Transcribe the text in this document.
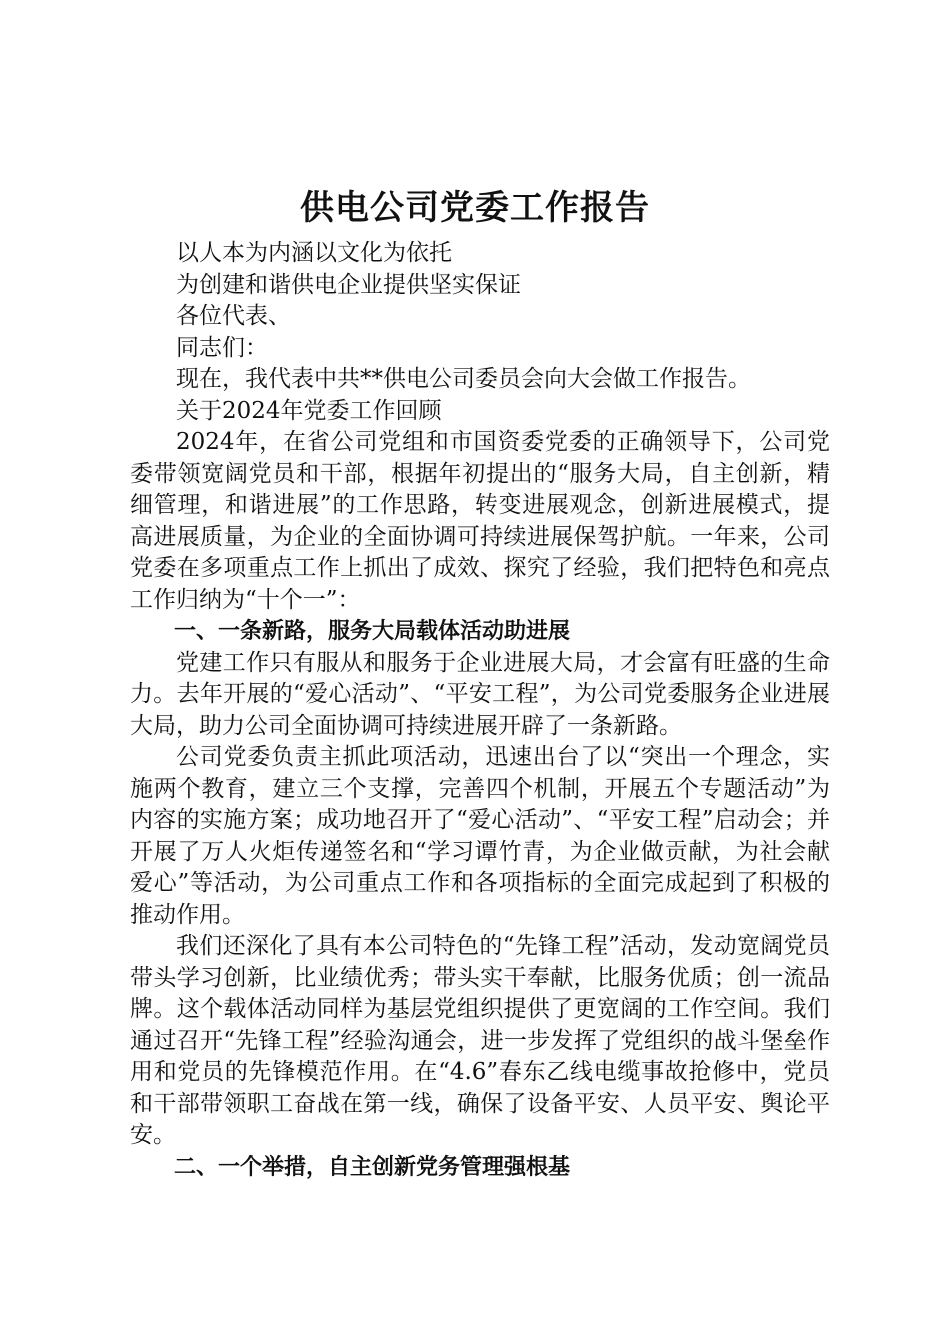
供电公司党委工作报告

以人本为内涵以文化为依托

为创建和谐供电企业提供坚实保证

各位代表、

同志们：

现在，我代表中共**供电公司委员会向大会做工作报告。

关于2024年党委工作回顾

2024年，在省公司党组和市国资委党委的正确领导下，公司党委带领宽阔党员和干部，根据年初提出的“服务大局，自主创新，精细管理，和谐进展”的工作思路，转变进展观念，创新进展模式，提高进展质量，为企业的全面协调可持续进展保驾护航。一年来，公司党委在多项重点工作上抓出了成效、探究了经验，我们把特色和亮点工作归纳为“十个一”：

一、一条新路，服务大局载体活动助进展

党建工作只有服从和服务于企业进展大局，才会富有旺盛的生命力。去年开展的“爱心活动”、“平安工程”，为公司党委服务企业进展大局，助力公司全面协调可持续进展开辟了一条新路。

公司党委负责主抓此项活动，迅速出台了以“突出一个理念，实施两个教育，建立三个支撑，完善四个机制，开展五个专题活动”为内容的实施方案；成功地召开了“爱心活动”、“平安工程”启动会；并开展了万人火炬传递签名和“学习谭竹青，为企业做贡献，为社会献爱心”等活动，为公司重点工作和各项指标的全面完成起到了积极的推动作用。

我们还深化了具有本公司特色的“先锋工程”活动，发动宽阔党员带头学习创新，比业绩优秀；带头实干奉献，比服务优质；创一流品牌。这个载体活动同样为基层党组织提供了更宽阔的工作空间。我们通过召开“先锋工程”经验沟通会，进一步发挥了党组织的战斗堡垒作用和党员的先锋模范作用。在“4.6”春东乙线电缆事故抢修中，党员和干部带领职工奋战在第一线，确保了设备平安、人员平安、舆论平安。

二、一个举措，自主创新党务管理强根基
